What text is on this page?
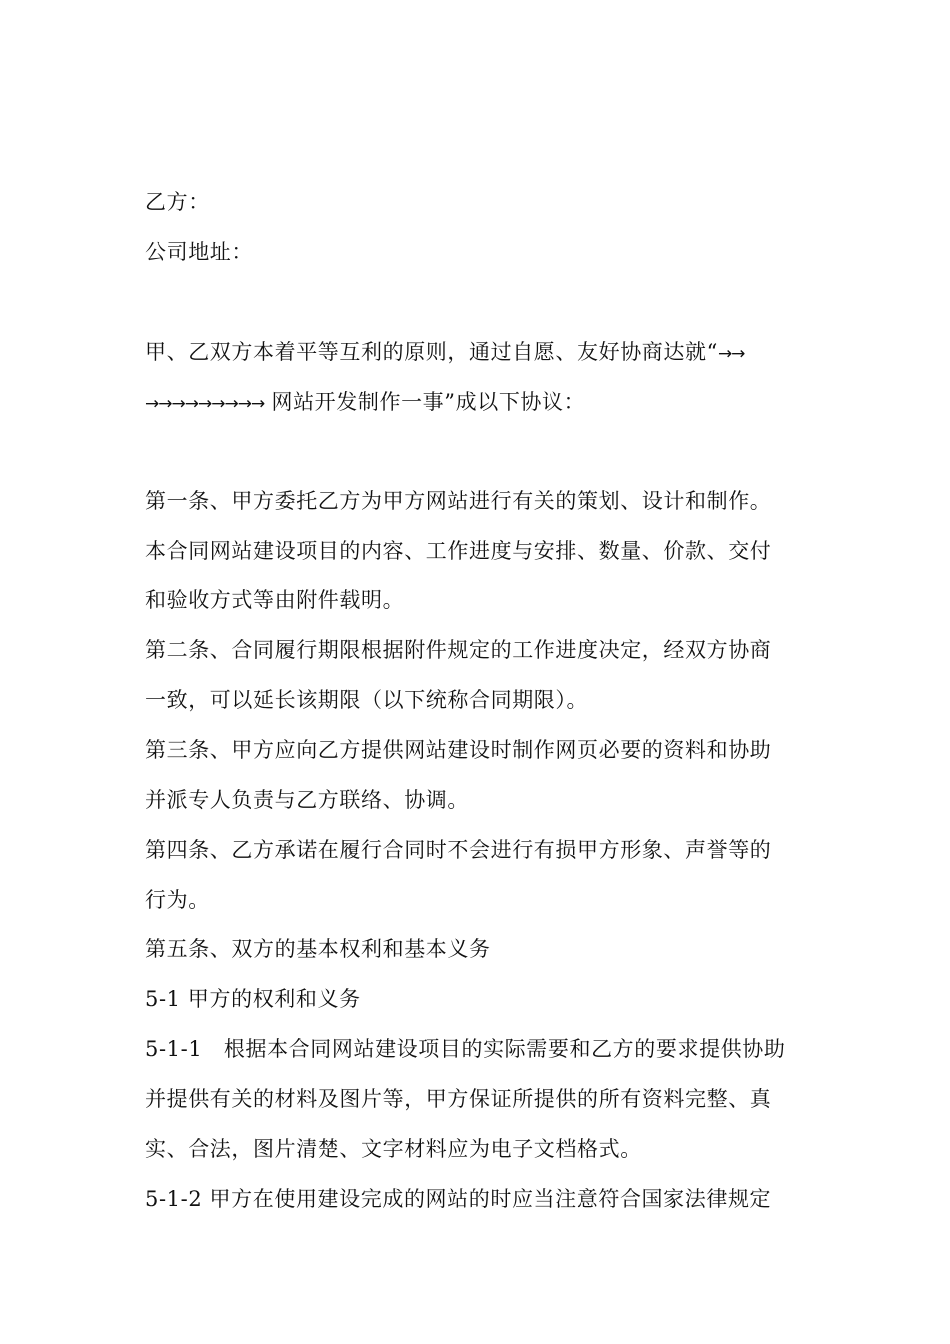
乙方：
公司地址：
甲、乙双方本着平等互利的原则，通过自愿、友好协商达就“→→
→→→→→→→→→ 网站开发制作一事”成以下协议：
第一条、甲方委托乙方为甲方网站进行有关的策划、设计和制作。
本合同网站建设项目的内容、工作进度与安排、数量、价款、交付
和验收方式等由附件载明。
第二条、合同履行期限根据附件规定的工作进度决定，经双方协商
一致，可以延长该期限（以下统称合同期限）。
第三条、甲方应向乙方提供网站建设时制作网页必要的资料和协助
并派专人负责与乙方联络、协调。
第四条、乙方承诺在履行合同时不会进行有损甲方形象、声誉等的
行为。
第五条、双方的基本权利和基本义务
5-1 甲方的权利和义务
5-1-1　根据本合同网站建设项目的实际需要和乙方的要求提供协助
并提供有关的材料及图片等，甲方保证所提供的所有资料完整、真
实、合法，图片清楚、文字材料应为电子文档格式。
5-1-2 甲方在使用建设完成的网站的时应当注意符合国家法律规定
